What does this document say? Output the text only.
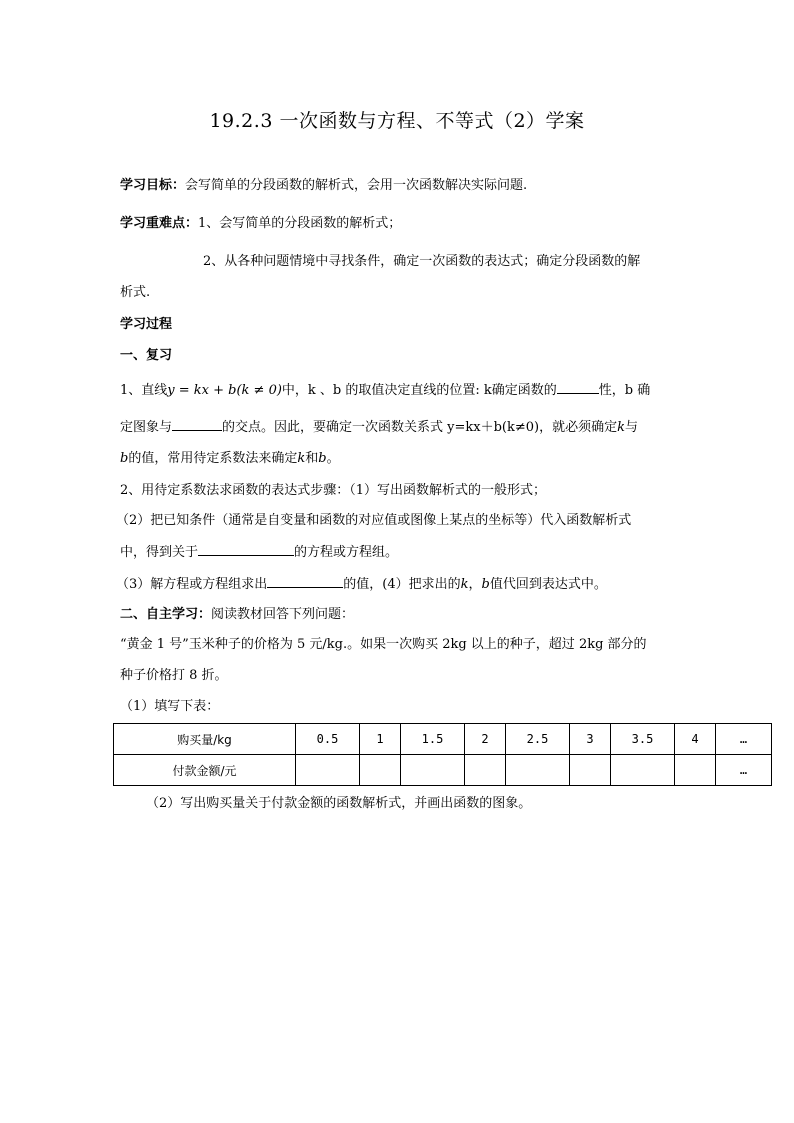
19.2.3 一次函数与方程、不等式（2）学案
学习目标：会写简单的分段函数的解析式，会用一次函数解决实际问题.
学习重难点：1、会写简单的分段函数的解析式；
2、从各种问题情境中寻找条件，确定一次函数的表达式；确定分段函数的解
析式.
学习过程
一、复习
1、直线y = kx + b(k ≠ 0)中，k 、b 的取值决定直线的位置: k确定函数的	性，b 确
定图象与	的交点。因此，要确定一次函数关系式 y=kx＋b(k≠0)，就必须确定k与
b的值，常用待定系数法来确定k和b。
2、用待定系数法求函数的表达式步骤：（1）写出函数解析式的一般形式；
（2）把已知条件（通常是自变量和函数的对应值或图像上某点的坐标等）代入函数解析式
中，得到关于	的方程或方程组。
（3）解方程或方程组求出	的值，(4）把求出的k，b值代回到表达式中。
二、自主学习：阅读教材回答下列问题：
“黄金 1 号”玉米种子的价格为 5 元/kg.。如果一次购买 2kg 以上的种子，超过 2kg 部分的
种子价格打 8 折。
（1）填写下表：
购买量/kg	0.5	1	1.5	2	2.5	3	3.5	4	…
付款金额/元									…
（2）写出购买量关于付款金额的函数解析式，并画出函数的图象。
